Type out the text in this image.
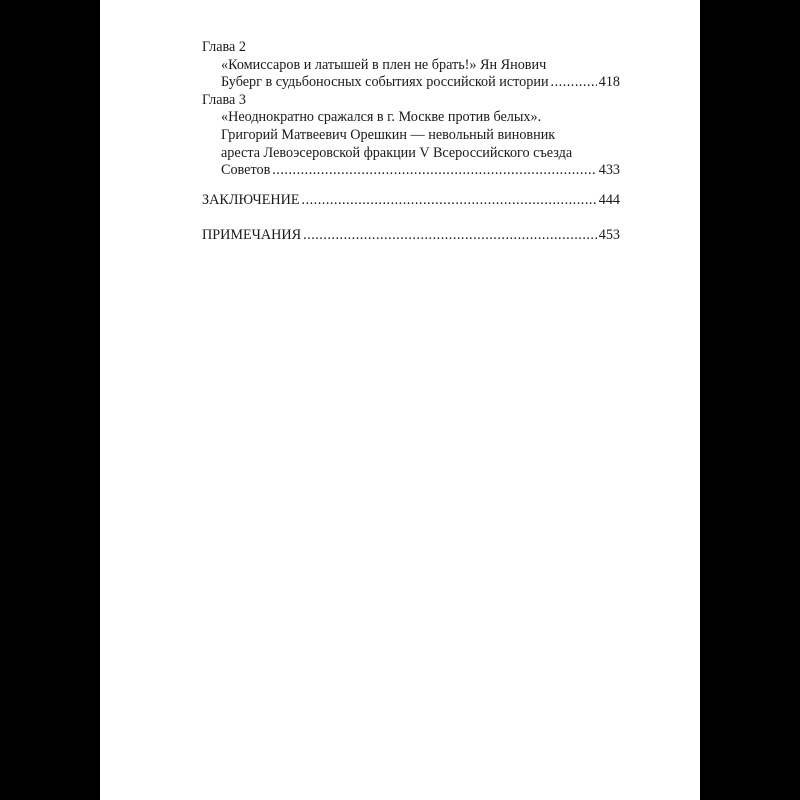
Глава 2
«Комиссаров и латышей в плен не брать!» Ян Янович
Буберг в судьбоносных событиях российской истории .....	418
Глава 3
«Неоднократно сражался в г. Москве против белых».
Григорий Матвеевич Орешкин — невольный виновник
ареста Левоэсеровской фракции V Всероссийского съезда
Советов .....	433
ЗАКЛЮЧЕНИЕ .....	444
ПРИМЕЧАНИЯ .....	453
